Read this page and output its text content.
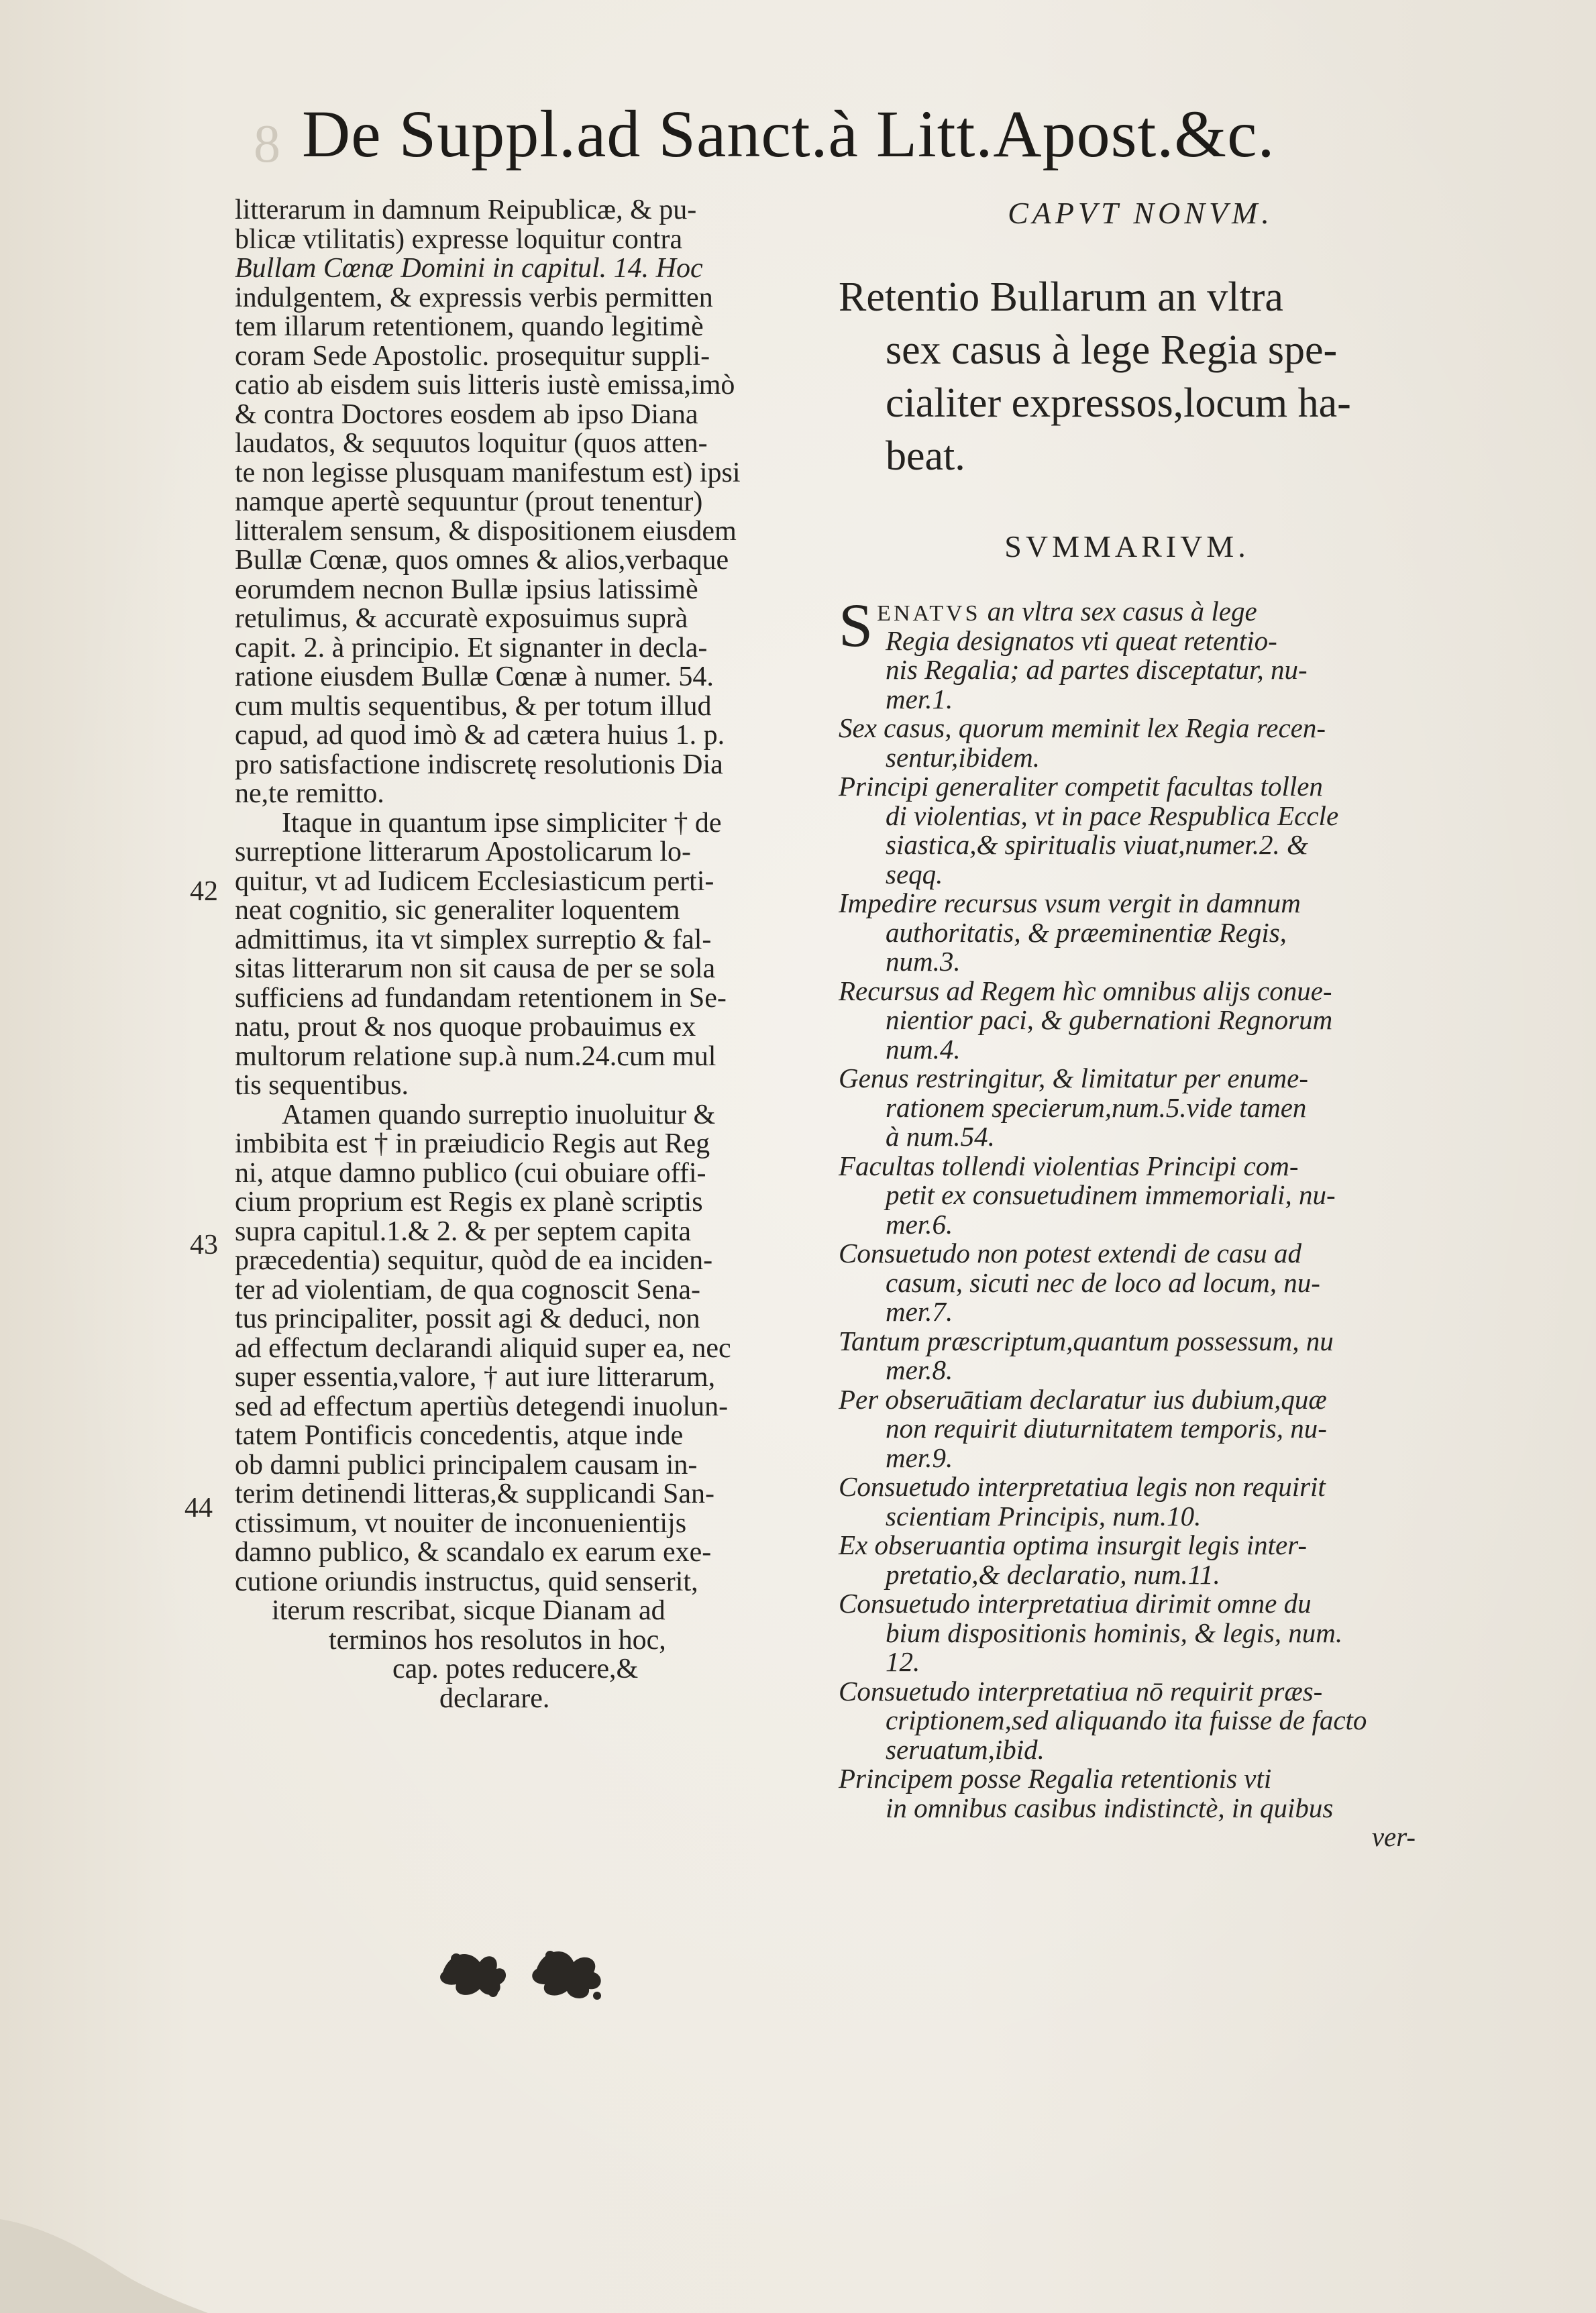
8 De Suppl.ad Sanct.à Litt.Apost.&c.
litterarum in damnum Reipublicæ, & pu-
blicæ vtilitatis) expresse loquitur contra
Bullam Cœnæ Domini in capitul. 14. Hoc
indulgentem, & expressis verbis permitten
tem illarum retentionem, quando legitimè
coram Sede Apostolic. prosequitur suppli-
catio ab eisdem suis litteris iustè emissa,imò
& contra Doctores eosdem ab ipso Diana
laudatos, & sequutos loquitur (quos atten-
te non legisse plusquam manifestum est) ipsi
namque apertè sequuntur (prout tenentur)
litteralem sensum, & dispositionem eiusdem
Bullæ Cœnæ, quos omnes & alios,verbaque
eorumdem necnon Bullæ ipsius latissimè
retulimus, & accuratè exposuimus suprà
capit. 2. à principio. Et signanter in decla-
ratione eiusdem Bullæ Cœnæ à numer. 54.
cum multis sequentibus, & per totum illud
capud, ad quod imò & ad cætera huius 1. p.
pro satisfactione indiscretę resolutionis Dia
ne,te remitto.
Itaque in quantum ipse simpliciter † de
surreptione litterarum Apostolicarum lo-
quitur, vt ad Iudicem Ecclesiasticum perti-
neat cognitio, sic generaliter loquentem
admittimus, ita vt simplex surreptio & fal-
sitas litterarum non sit causa de per se sola
sufficiens ad fundandam retentionem in Se-
natu, prout & nos quoque probauimus ex
multorum relatione sup.à num.24.cum mul
tis sequentibus.
Atamen quando surreptio inuoluitur &
imbibita est † in præiudicio Regis aut Reg
ni, atque damno publico (cui obuiare offi-
cium proprium est Regis ex planè scriptis
supra capitul.1.& 2. & per septem capita
præcedentia) sequitur, quòd de ea inciden-
ter ad violentiam, de qua cognoscit Sena-
tus principaliter, possit agi & deduci, non
ad effectum declarandi aliquid super ea, nec
super essentia,valore, † aut iure litterarum,
sed ad effectum apertiùs detegendi inuolun-
tatem Pontificis concedentis, atque inde
ob damni publici principalem causam in-
terim detinendi litteras,& supplicandi San-
ctissimum, vt nouiter de inconuenientijs
damno publico, & scandalo ex earum exe-
cutione oriundis instructus, quid senserit,
iterum rescribat, sicque Dianam ad
terminos hos resolutos in hoc,
cap. potes reducere,&
declarare.
42
43
44
CAPVT NONVM.
Retentio Bullarum an vltra
sex casus à lege Regia spe-
cialiter expressos,locum ha-
beat.
SVMMARIVM.
S ENATVS an vltra sex casus à lege
Regia designatos vti queat retentio-
nis Regalia; ad partes disceptatur, nu-
mer.1.
Sex casus, quorum meminit lex Regia recen-
sentur,ibidem.
Principi generaliter competit facultas tollen
di violentias, vt in pace Respublica Eccle
siastica,& spiritualis viuat,numer.2. &
seqq.
Impedire recursus vsum vergit in damnum
authoritatis, & præeminentiæ Regis,
num.3.
Recursus ad Regem hìc omnibus alijs conue-
nientior paci, & gubernationi Regnorum
num.4.
Genus restringitur, & limitatur per enume-
rationem specierum,num.5.vide tamen
à num.54.
Facultas tollendi violentias Principi com-
petit ex consuetudinem immemoriali, nu-
mer.6.
Consuetudo non potest extendi de casu ad
casum, sicuti nec de loco ad locum, nu-
mer.7.
Tantum præscriptum,quantum possessum, nu
mer.8.
Per obseruātiam declaratur ius dubium,quæ
non requirit diuturnitatem temporis, nu-
mer.9.
Consuetudo interpretatiua legis non requirit
scientiam Principis, num.10.
Ex obseruantia optima insurgit legis inter-
pretatio,& declaratio, num.11.
Consuetudo interpretatiua dirimit omne du
bium dispositionis hominis, & legis, num.
12.
Consuetudo interpretatiua nō requirit præs-
criptionem,sed aliquando ita fuisse de facto
seruatum,ibid.
Principem posse Regalia retentionis vti
in omnibus casibus indistinctè, in quibus
ver-
